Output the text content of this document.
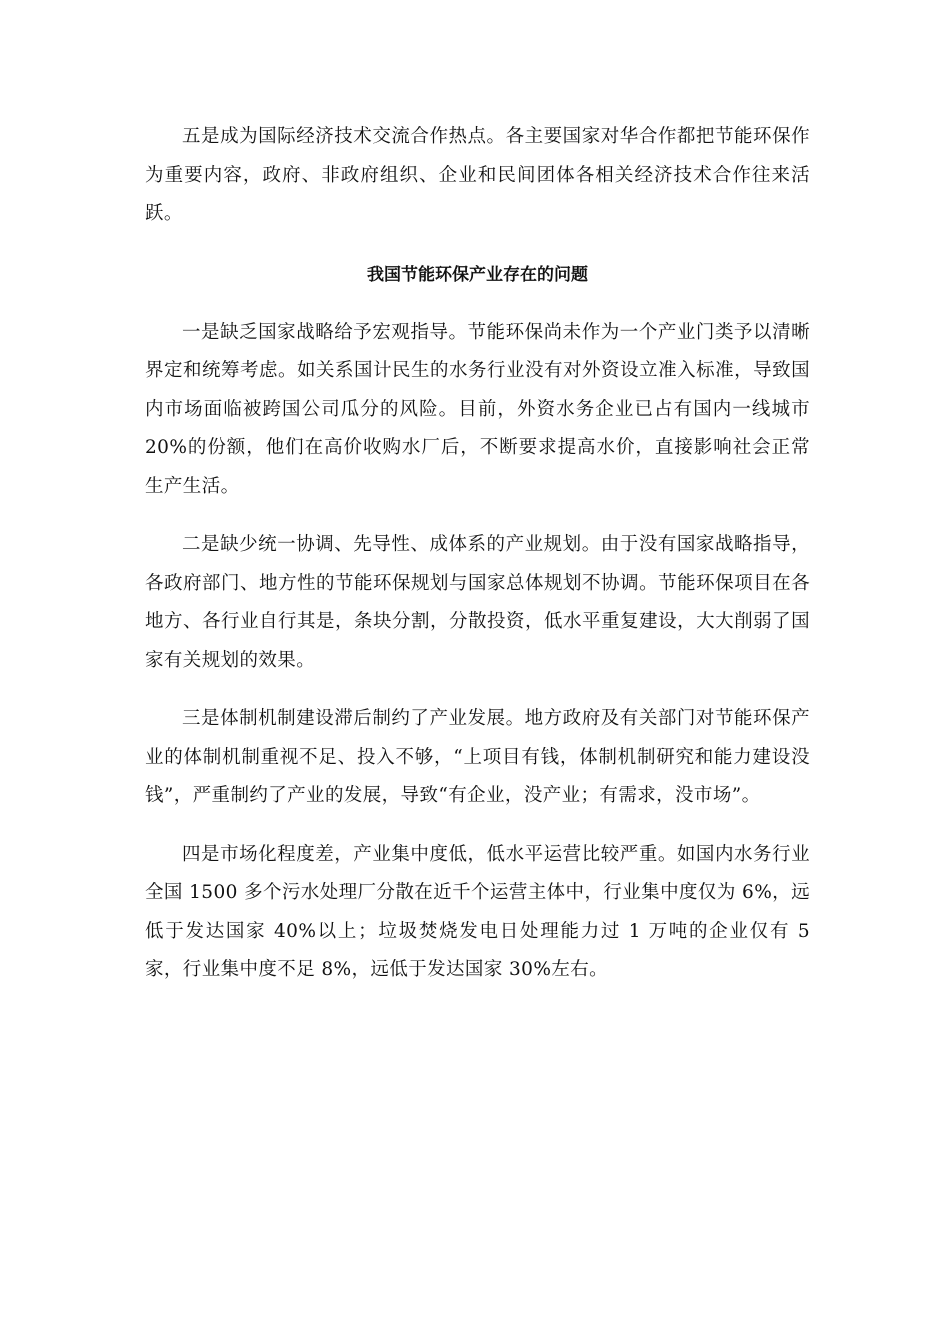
五是成为国际经济技术交流合作热点。各主要国家对华合作都把节能环保作为重要内容，政府、非政府组织、企业和民间团体各相关经济技术合作往来活跃。

我国节能环保产业存在的问题

一是缺乏国家战略给予宏观指导。节能环保尚未作为一个产业门类予以清晰界定和统筹考虑。如关系国计民生的水务行业没有对外资设立准入标准，导致国内市场面临被跨国公司瓜分的风险。目前，外资水务企业已占有国内一线城市 20%的份额，他们在高价收购水厂后，不断要求提高水价，直接影响社会正常生产生活。

二是缺少统一协调、先导性、成体系的产业规划。由于没有国家战略指导，各政府部门、地方性的节能环保规划与国家总体规划不协调。节能环保项目在各地方、各行业自行其是，条块分割，分散投资，低水平重复建设，大大削弱了国家有关规划的效果。

三是体制机制建设滞后制约了产业发展。地方政府及有关部门对节能环保产业的体制机制重视不足、投入不够，“上项目有钱，体制机制研究和能力建设没钱”，严重制约了产业的发展，导致“有企业，没产业；有需求，没市场”。

四是市场化程度差，产业集中度低，低水平运营比较严重。如国内水务行业全国 1500 多个污水处理厂分散在近千个运营主体中，行业集中度仅为 6%，远低于发达国家 40%以上；垃圾焚烧发电日处理能力过 1 万吨的企业仅有 5 家，行业集中度不足 8%，远低于发达国家 30%左右。
